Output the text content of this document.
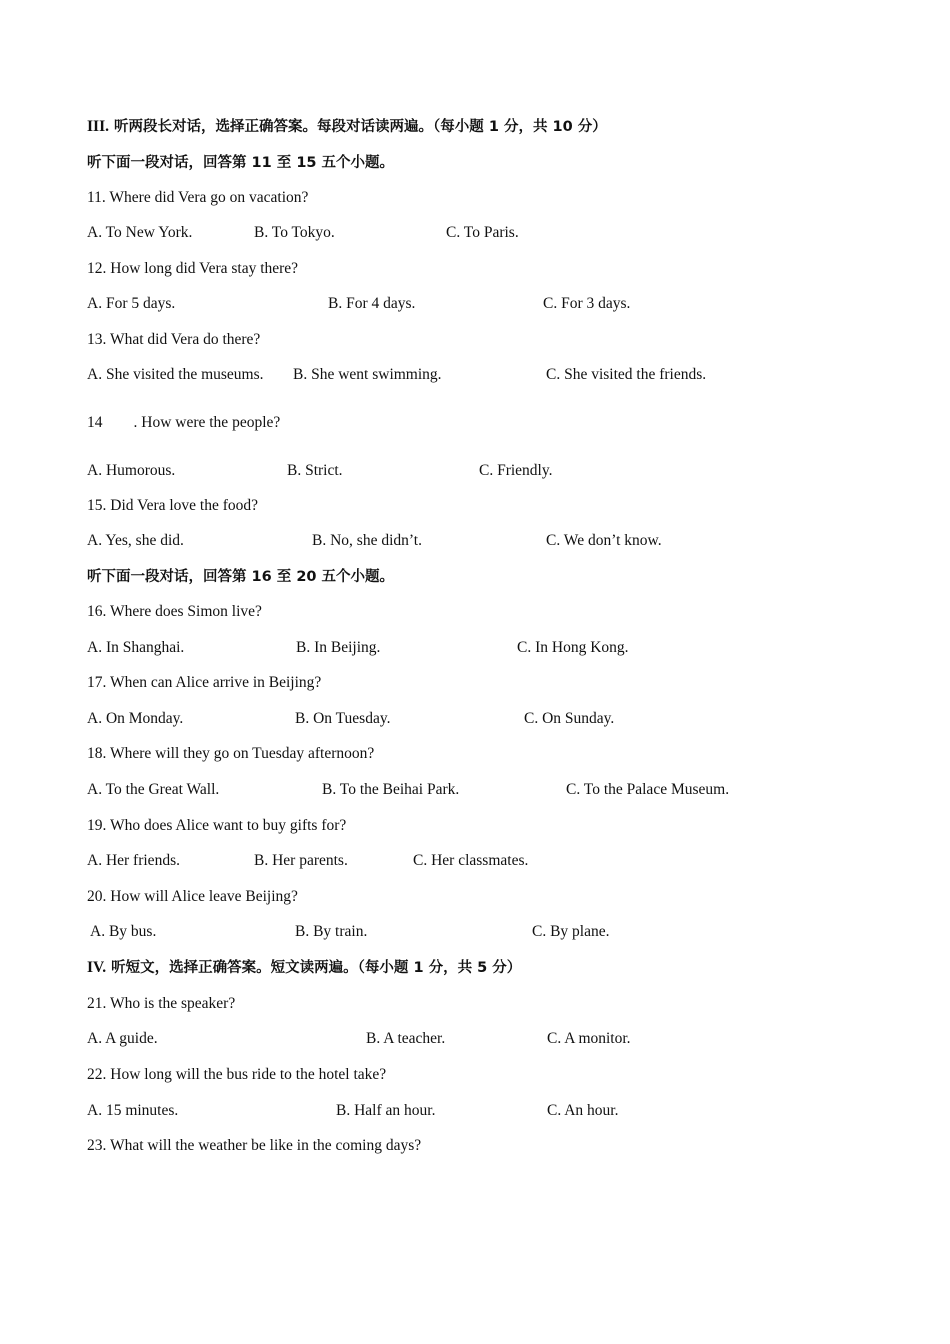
III. 听两段长对话，选择正确答案。每段对话读两遍。（每小题 1 分，共 10 分）
听下面一段对话，回答第 11 至 15 五个小题。
11. Where did Vera go on vacation?
A. To New York.	B. To Tokyo.	C. To Paris.
12. How long did Vera stay there?
A. For 5 days.	B. For 4 days.	C. For 3 days.
13. What did Vera do there?
A. She visited the museums. B. She went swimming.	C. She visited the friends.
14        . How were the people?
A. Humorous.	B. Strict.	C. Friendly.
15. Did Vera love the food?
A. Yes, she did.	B. No, she didn’t.	C. We don’t know.
听下面一段对话，回答第 16 至 20 五个小题。
16. Where does Simon live?
A. In Shanghai.	B. In Beijing.	C. In Hong Kong.
17. When can Alice arrive in Beijing?
A. On Monday.	B. On Tuesday.	C. On Sunday.
18. Where will they go on Tuesday afternoon?
A. To the Great Wall.	B. To the Beihai Park.	C. To the Palace Museum.
19. Who does Alice want to buy gifts for?
A. Her friends.	B. Her parents.	C. Her classmates.
20. How will Alice leave Beijing?
A. By bus.	B. By train.	C. By plane.
IV. 听短文，选择正确答案。短文读两遍。（每小题 1 分，共 5 分）
21. Who is the speaker?
A. A guide.	B. A teacher.	C. A monitor.
22. How long will the bus ride to the hotel take?
A. 15 minutes.	B. Half an hour.	C. An hour.
23. What will the weather be like in the coming days?
